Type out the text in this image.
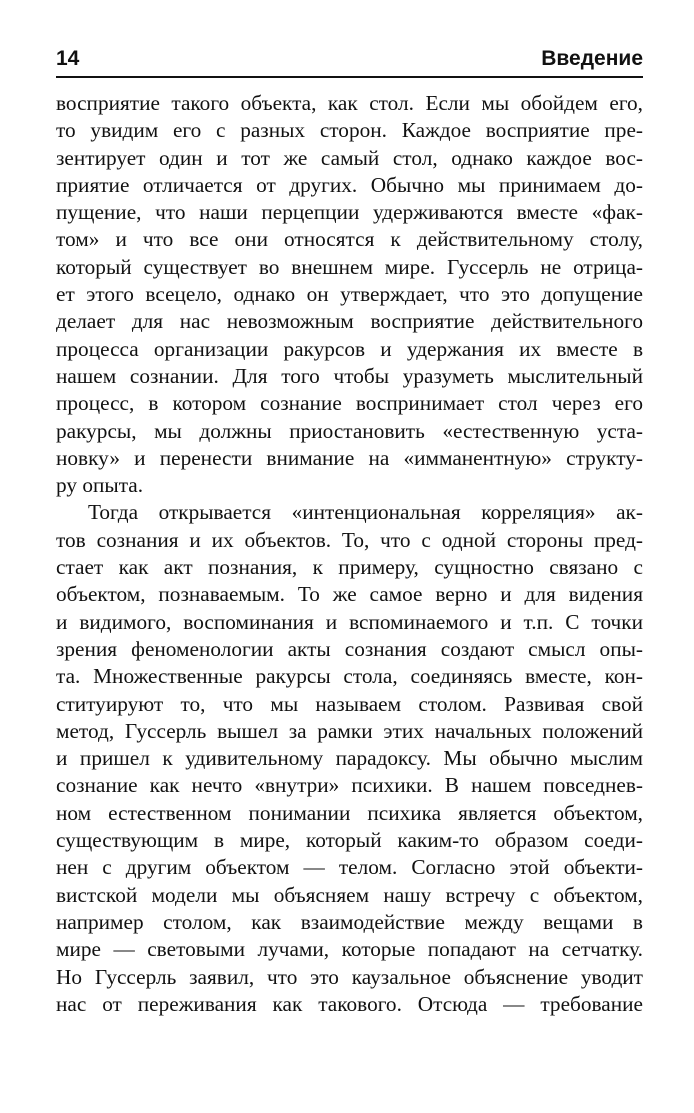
14	Введение
восприятие такого объекта, как стол. Если мы обойдем его,
то увидим его с разных сторон. Каждое восприятие пре-
зентирует один и тот же самый стол, однако каждое вос-
приятие отличается от других. Обычно мы принимаем до-
пущение, что наши перцепции удерживаются вместе «фак-
том» и что все они относятся к действительному столу,
который существует во внешнем мире. Гуссерль не отрица-
ет этого всецело, однако он утверждает, что это допущение
делает для нас невозможным восприятие действительного
процесса организации ракурсов и удержания их вместе в
нашем сознании. Для того чтобы уразуметь мыслительный
процесс, в котором сознание воспринимает стол через его
ракурсы, мы должны приостановить «естественную уста-
новку» и перенести внимание на «имманентную» структу-
ру опыта.
Тогда открывается «интенциональная корреляция» ак-
тов сознания и их объектов. То, что с одной стороны пред-
стает как акт познания, к примеру, сущностно связано с
объектом, познаваемым. То же самое верно и для видения
и видимого, воспоминания и вспоминаемого и т.п. С точки
зрения феноменологии акты сознания создают смысл опы-
та. Множественные ракурсы стола, соединяясь вместе, кон-
ституируют то, что мы называем столом. Развивая свой
метод, Гуссерль вышел за рамки этих начальных положений
и пришел к удивительному парадоксу. Мы обычно мыслим
сознание как нечто «внутри» психики. В нашем повседнев-
ном естественном понимании психика является объектом,
существующим в мире, который каким-то образом соеди-
нен с другим объектом — телом. Согласно этой объекти-
вистской модели мы объясняем нашу встречу с объектом,
например столом, как взаимодействие между вещами в
мире — световыми лучами, которые попадают на сетчатку.
Но Гуссерль заявил, что это каузальное объяснение уводит
нас от переживания как такового. Отсюда — требование
